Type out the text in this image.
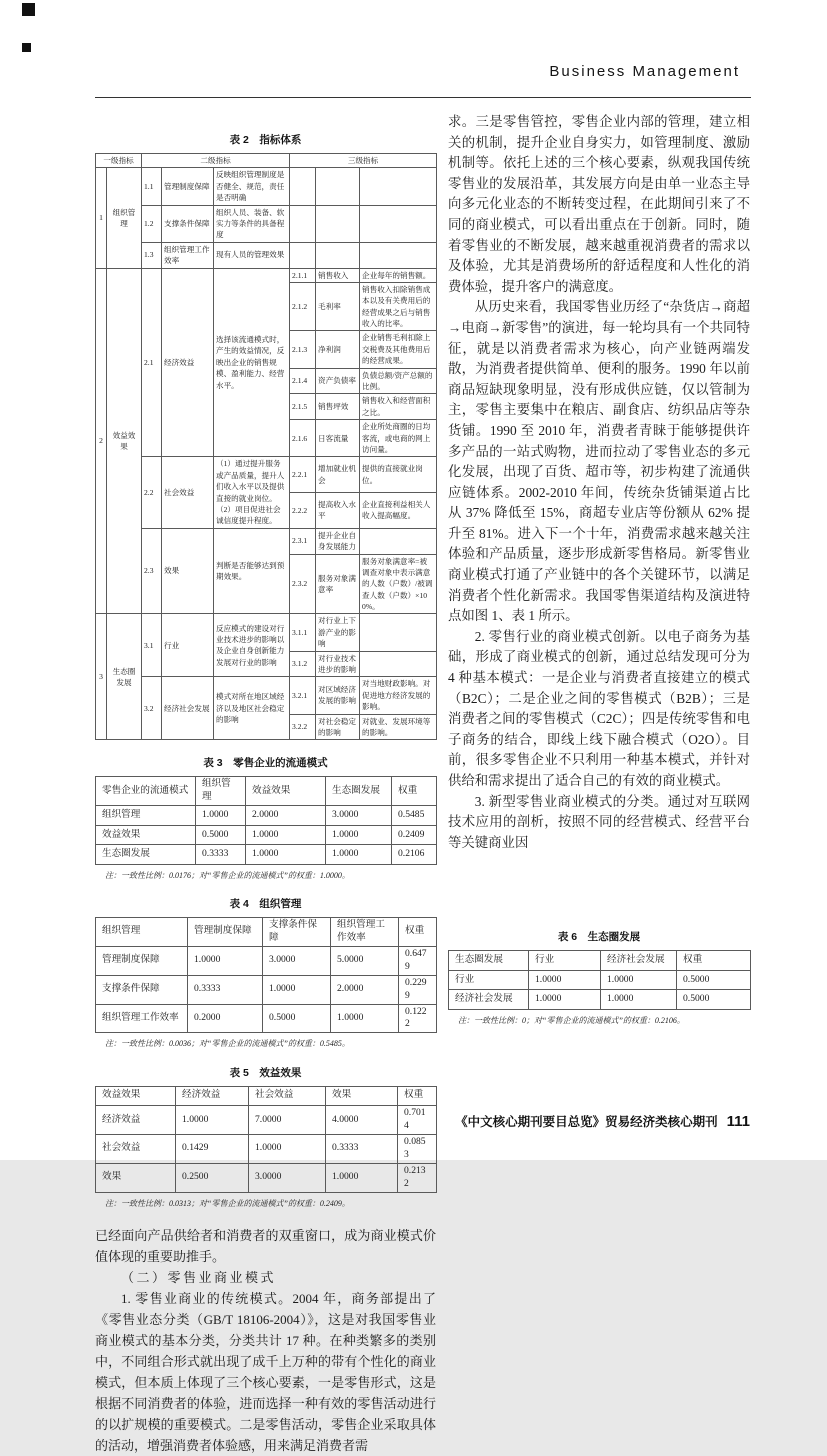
Business Management
表 2　指标体系
一级指标		二级指标			三级指标		
1	组织管理	1.1	管理制度保障	反映组织管理制度是否健全、规范，责任是否明确			
		1.2	支撑条件保障	组织人员、装备、软实力等条件的具备程度			
		1.3	组织管理工作效率	现有人员的管理效果			
2	效益效果	2.1	经济效益	选择该流通模式时，产生的效益情况，反映出企业的销售规模、盈利能力、经营水平。	2.1.1	销售收入	企业每年的销售额。
					2.1.2	毛利率	销售收入扣除销售成本以及有关费用后的经营成果之后与销售收入的比率。
					2.1.3	净利润	企业销售毛利扣除上交税费及其他费用后的经营成果。
					2.1.4	资产负债率	负债总额/资产总额的比例。
					2.1.5	销售坪效	销售收入和经营面积之比。
					2.1.6	日客流量	企业所处商圈的日均客流，或电商的网上访问量。
		2.2	社会效益	（1）通过提升服务或产品质量，提升人们收入水平以及提供直接的就业岗位。（2）项目促进社会诚信度提升程度。	2.2.1	增加就业机会	提供的直接就业岗位。
					2.2.2	提高收入水平	企业直接利益相关人收入提高幅度。
		2.3	效果	判断是否能够达到预期效果。	2.3.1	提升企业自身发展能力	
					2.3.2	服务对象满意率	服务对象满意率=被调查对象中表示满意的人数（户数）/被调查人数（户数）×100%。
3	生态圈发展	3.1	行业	反应模式的建设对行业技术进步的影响以及企业自身创新能力发展对行业的影响	3.1.1	对行业上下游产业的影响	
					3.1.2	对行业技术进步的影响	
		3.2	经济社会发展	模式对所在地区域经济以及地区社会稳定的影响	3.2.1	对区域经济发展的影响	对当地财政影响。对促进地方经济发展的影响。
					3.2.2	对社会稳定的影响	对就业、发展环境等的影响。
表 3　零售企业的流通模式
零售企业的流通模式	组织管理	效益效果	生态圈发展	权重
组织管理	1.0000	2.0000	3.0000	0.5485
效益效果	0.5000	1.0000	1.0000	0.2409
生态圈发展	0.3333	1.0000	1.0000	0.2106
注：一致性比例：0.0176；对“零售企业的流通模式”的权重：1.0000。
表 4　组织管理
组织管理	管理制度保障	支撑条件保障	组织管理工作效率	权重
管理制度保障	1.0000	3.0000	5.0000	0.6479
支撑条件保障	0.3333	1.0000	2.0000	0.2299
组织管理工作效率	0.2000	0.5000	1.0000	0.1222
注：一致性比例：0.0036；对“零售企业的流通模式”的权重：0.5485。
表 5　效益效果
效益效果	经济效益	社会效益	效果	权重
经济效益	1.0000	7.0000	4.0000	0.7014
社会效益	0.1429	1.0000	0.3333	0.0853
效果	0.2500	3.0000	1.0000	0.2132
注：一致性比例：0.0313；对“零售企业的流通模式”的权重：0.2409。

已经面向产品供给者和消费者的双重窗口，成为商业模式价值体现的重要助推手。

（二）零售业商业模式

1. 零售业商业的传统模式。2004 年，商务部提出了《零售业态分类（GB/T 18106-2004）》，这是对我国零售业商业模式的基本分类，分类共计 17 种。在种类繁多的类别中，不同组合形式就出现了成千上万种的带有个性化的商业模式，但本质上体现了三个核心要素，一是零售形式，这是根据不同消费者的体验，进而选择一种有效的零售活动进行的以扩规模的重要模式。二是零售活动，零售企业采取具体的活动，增强消费者体验感，用来满足消费者需

求。三是零售管控，零售企业内部的管理，建立相关的机制，提升企业自身实力，如管理制度、激励机制等。依托上述的三个核心要素，纵观我国传统零售业的发展沿革，其发展方向是由单一业态主导向多元化业态的不断转变过程，在此期间引来了不同的商业模式，可以看出重点在于创新。同时，随着零售业的不断发展，越来越重视消费者的需求以及体验，尤其是消费场所的舒适程度和人性化的消费体验，提升客户的满意度。

从历史来看，我国零售业历经了“杂货店→商超→电商→新零售”的演进，每一轮均具有一个共同特征，就是以消费者需求为核心，向产业链两端发散，为消费者提供简单、便利的服务。1990 年以前商品短缺现象明显，没有形成供应链，仅以管制为主，零售主要集中在粮店、副食店、纺织品店等杂货铺。1990 至 2010 年，消费者青睐于能够提供许多产品的一站式购物，进而拉动了零售业态的多元化发展，出现了百货、超市等，初步构建了流通供应链体系。2002-2010 年间，传统杂货铺渠道占比从 37% 降低至 15%，商超专业店等份额从 62% 提升至 81%。进入下一个十年，消费需求越来越关注体验和产品质量，逐步形成新零售格局。新零售业商业模式打通了产业链中的各个关键环节，以满足消费者个性化新需求。我国零售渠道结构及演进特点如图 1、表 1 所示。

2. 零售行业的商业模式创新。以电子商务为基础，形成了商业模式的创新，通过总结发现可分为 4 种基本模式：一是企业与消费者直接建立的模式（B2C）；二是企业之间的零售模式（B2B）；三是消费者之间的零售模式（C2C）；四是传统零售和电子商务的结合，即线上线下融合模式（O2O）。目前，很多零售企业不只利用一种基本模式，并针对供给和需求提出了适合自己的有效的商业模式。

3. 新型零售业商业模式的分类。通过对互联网技术应用的剖析，按照不同的经营模式、经营平台等关键商业因

表 6　生态圈发展
生态圈发展	行业	经济社会发展	权重
行业	1.0000	1.0000	0.5000
经济社会发展	1.0000	1.0000	0.5000
注：一致性比例：0；对“零售企业的流通模式”的权重：0.2106。
《中文核心期刊要目总览》贸易经济类核心期刊 111
